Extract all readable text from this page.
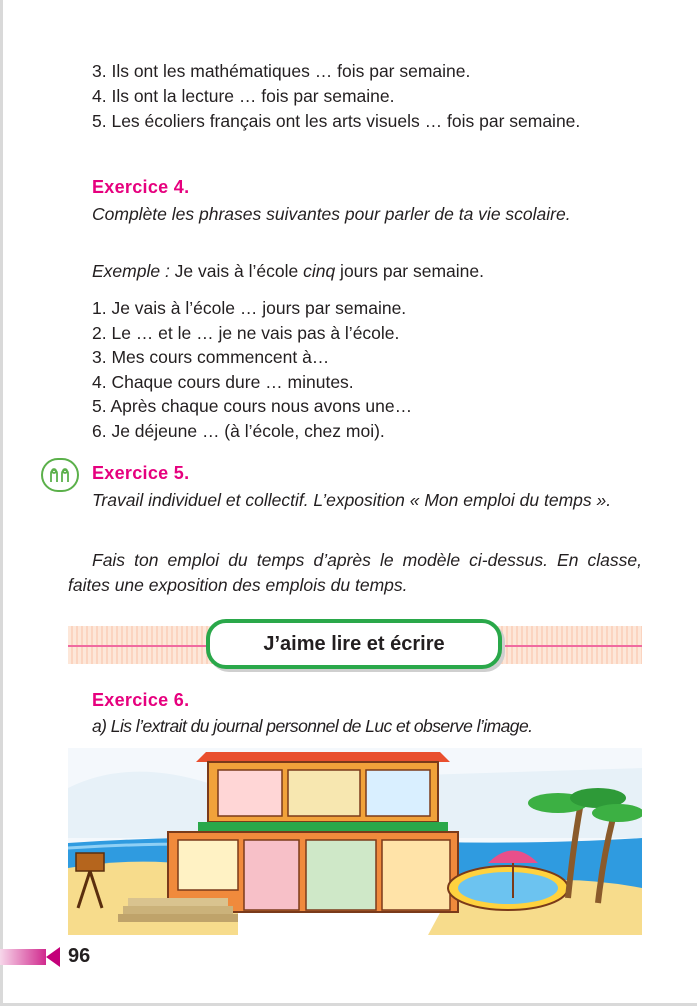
3. Ils ont les mathématiques … fois par semaine.

4. Ils ont la lecture … fois par semaine.

5. Les écoliers français ont les arts visuels … fois par semaine.

Exercice 4.

Complète les phrases suivantes pour parler de ta vie scolaire.

Exemple : Je vais à l’école cinq jours par semaine.

1. Je vais à l’école … jours par semaine.
2. Le … et le … je ne vais pas à l’école.
3. Mes cours commencent à…
4. Chaque cours dure … minutes.
5. Après chaque cours nous avons une…
6. Je déjeune … (à l’école, chez moi).

Exercice 5.

Travail individuel et collectif. L’exposition « Mon emploi du temps ».

Fais ton emploi du temps d’après le modèle ci-dessus. En classe, faites une exposition des emplois du temps.

J’aime lire et écrire

Exercice 6.

a) Lis l’extrait du journal personnel de Luc et observe l’image.

96
